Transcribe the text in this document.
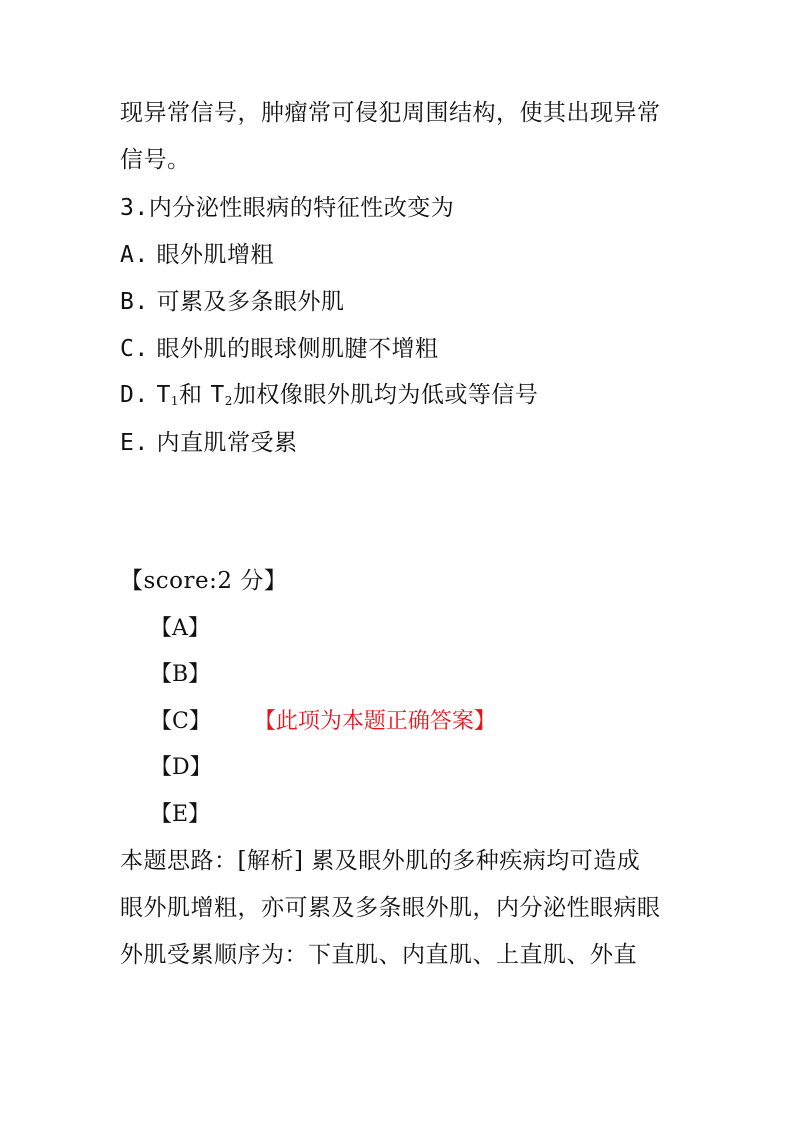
现异常信号，肿瘤常可侵犯周围结构，使其出现异常
信号。
3.内分泌性眼病的特征性改变为
A. 眼外肌增粗
B. 可累及多条眼外肌
C. 眼外肌的眼球侧肌腱不增粗
D. $T_1$和 $T_2$加权像眼外肌均为低或等信号
E. 内直肌常受累
【score:2 分】
【A】
【B】
【C】 【此项为本题正确答案】
【D】
【E】
本题思路：[解析] 累及眼外肌的多种疾病均可造成
眼外肌增粗，亦可累及多条眼外肌，内分泌性眼病眼
外肌受累顺序为：下直肌、内直肌、上直肌、外直
